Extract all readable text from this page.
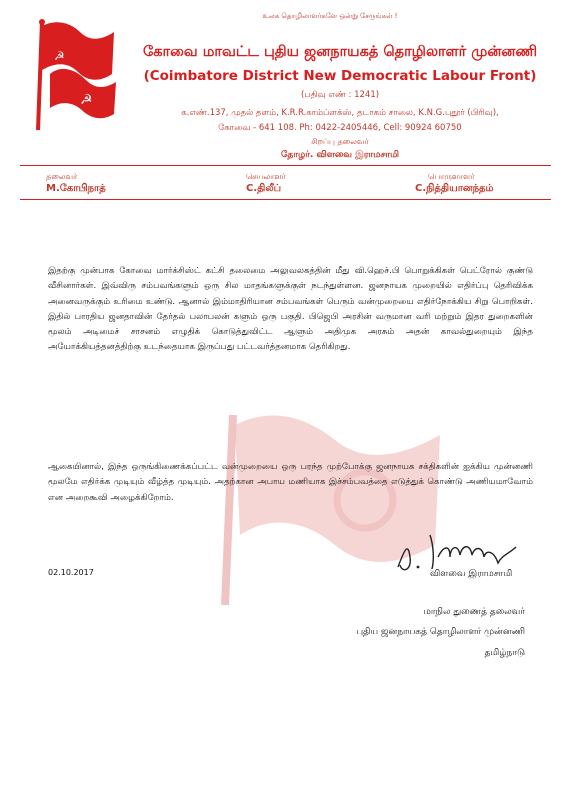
உலக தொழிலாளர்களே ஒன்று சேருங்கள் !
☭
☭	கோவை மாவட்ட புதிய ஜனநாயகத் தொழிலாளர் முன்னணி
(Coimbatore District New Democratic Labour Front)
(பதிவு எண் : 1241)
க.எண்.137, முதல் தளம், K.R.R.காம்ப்ளக்ஸ், தடாகம் சாலை, K.N.G.புதூர் (பிரிவு),
கோவை - 641 108. Ph: 0422-2405446, Cell: 90924 60750
சிறப்பு தலைவர்
தோழர். விளவை இராமசாமி
தலைவர்
M.கோபிநாத்
செயலாளர்
C.திலீப்
பொருளாளர்
C.நித்தியானந்தம்
இதற்கு முன்பாக கோவை மார்க்சிஸ்ட் கட்சி தலைமை அலுவலகத்தின் மீது வி.ஹெச்.பி பொறுக்கிகள் பெட்ரோல் குண்டு வீசினார்கள். இவ்விரு சம்பவங்களும் ஒரு சில மாதங்களுக்குள் நடந்துள்ளன. ஜனநாயக முறையில் எதிர்ப்பு தெரிவிக்க அனைவருக்கும் உரிமை உண்டு. ஆனால் இம்மாதிரியான சம்பவங்கள் பெரும் வன்முறையை எதிர்நோக்கிய சிறு பொறிகள். இதில் பாரதிய ஜனதாவின் தேர்தல் பலாபலன் களும் ஒரு பகுதி. பிஜெபி அரசின் வருமான வரி மற்றும் இதர துறைகளின் மூலம் அடிமைச் சாசனம் எழுதிக் கொடுத்துவிட்ட ஆளும் அதிமுக அரசும் அதன் காவல்துறையும் இந்த அயோக்கியத்தனத்திற்கு உடந்தையாக இருப்பது பட்டவர்த்தனமாக தெரிகிறது.
ஆகையினால், இந்த ஒருங்கிணைக்கப்பட்ட வன்முறையை ஒரு பரந்த முற்போக்கு ஜனநாயக சக்திகளின் ஐக்கிய முன்னணி மூலமே எதிர்க்க முடியும் வீழ்த்த முடியும். அதற்கான அபாய மணியாக இச்சம்பவத்தை எடுத்துக் கொண்டு அணியமாவோம் என அறைகூவி அழைக்கிறோம்.
02.10.2017	விளவை இராமசாமி
மாநில துணைத் தலைவர்
புதிய ஜனநாயகத் தொழிலாளர் முன்னணி
தமிழ்நாடு
